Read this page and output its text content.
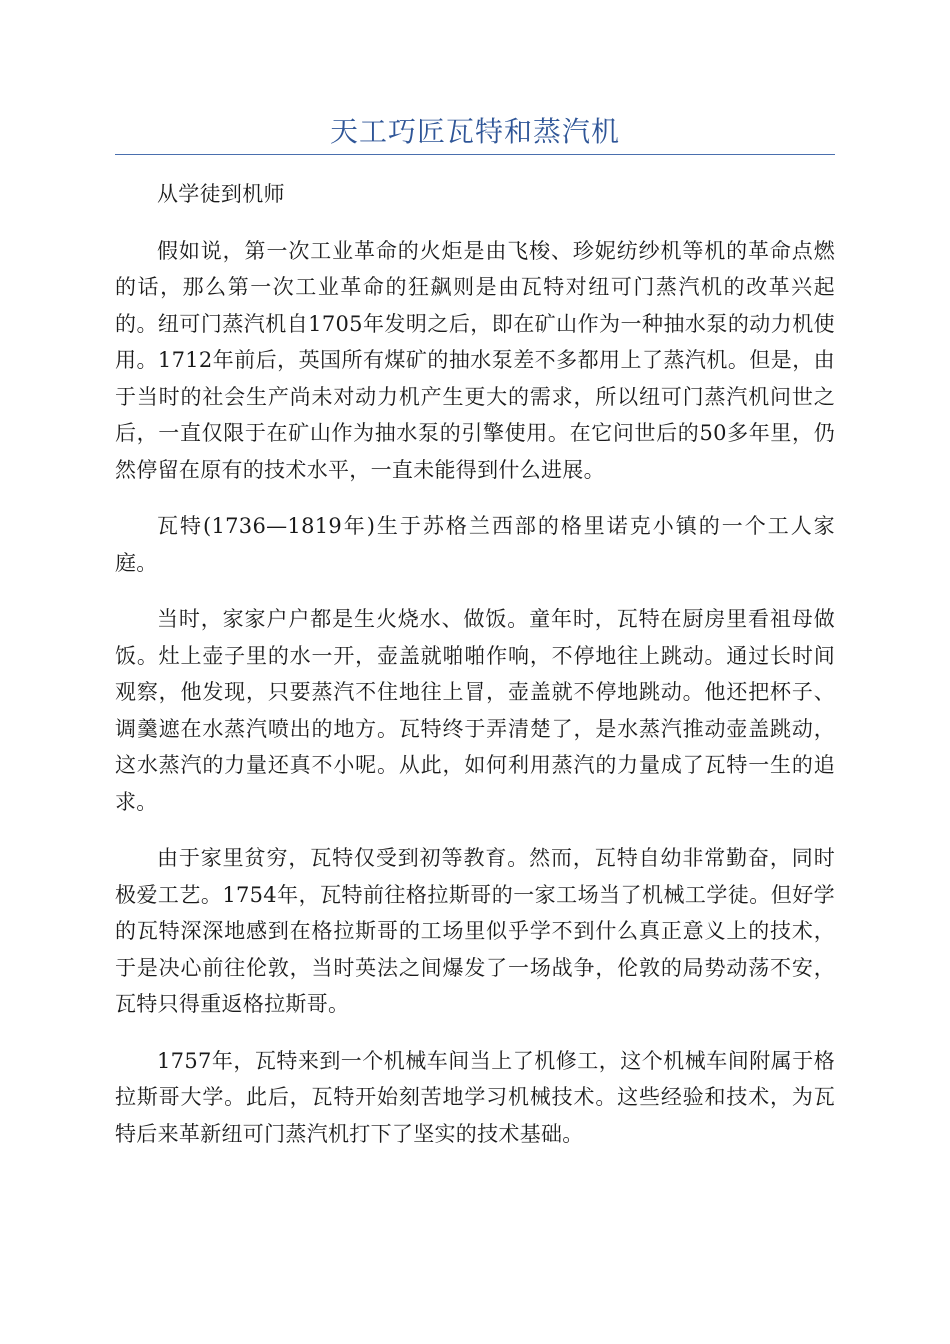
天工巧匠瓦特和蒸汽机

从学徒到机师

假如说，第一次工业革命的火炬是由飞梭、珍妮纺纱机等机的革命点燃的话，那么第一次工业革命的狂飙则是由瓦特对纽可门蒸汽机的改革兴起的。纽可门蒸汽机自1705年发明之后，即在矿山作为一种抽水泵的动力机使用。1712年前后，英国所有煤矿的抽水泵差不多都用上了蒸汽机。但是，由于当时的社会生产尚未对动力机产生更大的需求，所以纽可门蒸汽机问世之后，一直仅限于在矿山作为抽水泵的引擎使用。在它问世后的50多年里，仍然停留在原有的技术水平，一直未能得到什么进展。

瓦特(1736—1819年)生于苏格兰西部的格里诺克小镇的一个工人家庭。

当时，家家户户都是生火烧水、做饭。童年时，瓦特在厨房里看祖母做饭。灶上壶子里的水一开，壶盖就啪啪作响，不停地往上跳动。通过长时间观察，他发现，只要蒸汽不住地往上冒，壶盖就不停地跳动。他还把杯子、调羹遮在水蒸汽喷出的地方。瓦特终于弄清楚了，是水蒸汽推动壶盖跳动，这水蒸汽的力量还真不小呢。从此，如何利用蒸汽的力量成了瓦特一生的追求。

由于家里贫穷，瓦特仅受到初等教育。然而，瓦特自幼非常勤奋，同时极爱工艺。1754年，瓦特前往格拉斯哥的一家工场当了机械工学徒。但好学的瓦特深深地感到在格拉斯哥的工场里似乎学不到什么真正意义上的技术，于是决心前往伦敦，当时英法之间爆发了一场战争，伦敦的局势动荡不安，瓦特只得重返格拉斯哥。

1757年，瓦特来到一个机械车间当上了机修工，这个机械车间附属于格拉斯哥大学。此后，瓦特开始刻苦地学习机械技术。这些经验和技术，为瓦特后来革新纽可门蒸汽机打下了坚实的技术基础。
